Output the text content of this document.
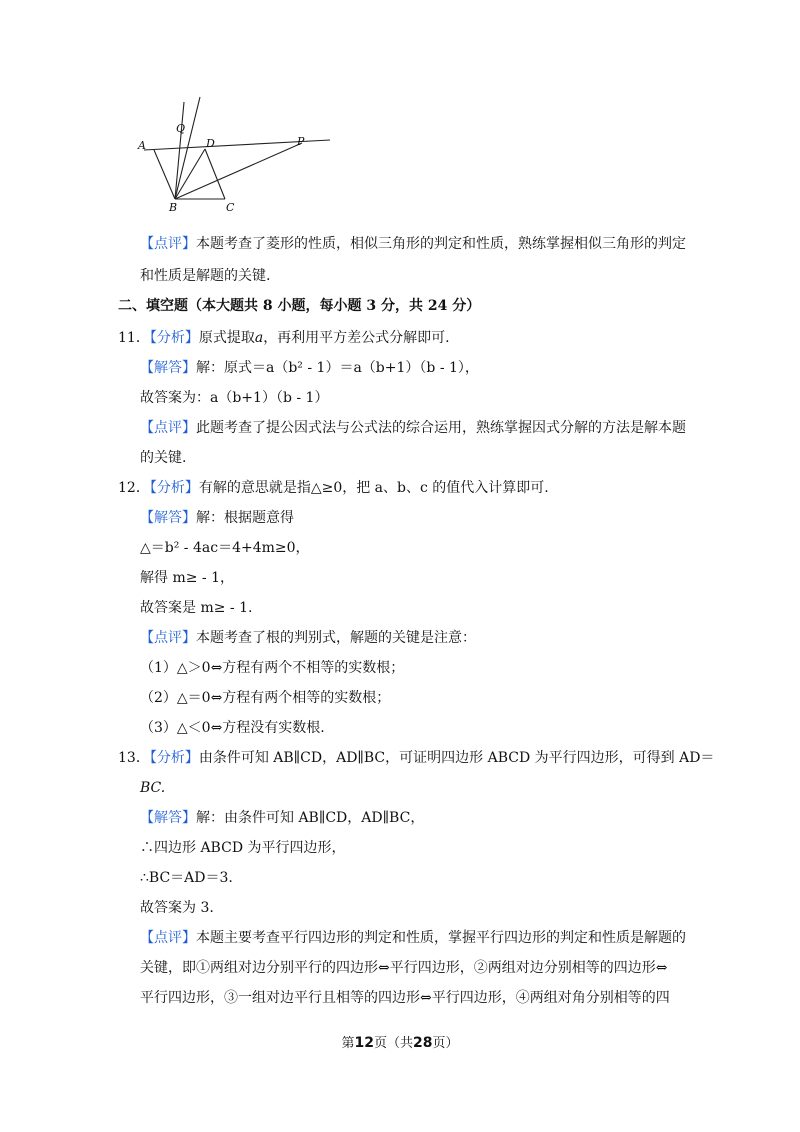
Q
D
A	P
B	C
【点评】本题考查了菱形的性质，相似三角形的判定和性质，熟练掌握相似三角形的判定
和性质是解题的关键.
二、填空题（本大题共 8 小题，每小题 3 分，共 24 分）
11．【分析】原式提取a，再利用平方差公式分解即可.
【解答】解：原式＝a（b² - 1）＝a（b+1）（b - 1），
故答案为：a（b+1）（b - 1）
【点评】此题考查了提公因式法与公式法的综合运用，熟练掌握因式分解的方法是解本题
的关键.
12．【分析】有解的意思就是指△≥0，把 a、b、c 的值代入计算即可.
【解答】解：根据题意得
△＝b² - 4ac＝4+4m≥0，
解得 m≥ - 1，
故答案是 m≥ - 1.
【点评】本题考查了根的判别式，解题的关键是注意：
（1）△＞0⇔方程有两个不相等的实数根；
（2）△＝0⇔方程有两个相等的实数根；
（3）△＜0⇔方程没有实数根.
13．【分析】由条件可知 AB∥CD，AD∥BC，可证明四边形 ABCD 为平行四边形，可得到 AD＝
BC.
【解答】解：由条件可知 AB∥CD，AD∥BC，
∴四边形 ABCD 为平行四边形，
∴BC＝AD＝3.
故答案为 3.
【点评】本题主要考查平行四边形的判定和性质，掌握平行四边形的判定和性质是解题的
关键，即①两组对边分别平行的四边形⇔平行四边形，②两组对边分别相等的四边形⇔
平行四边形，③一组对边平行且相等的四边形⇔平行四边形，④两组对角分别相等的四
第12页（共28页）
